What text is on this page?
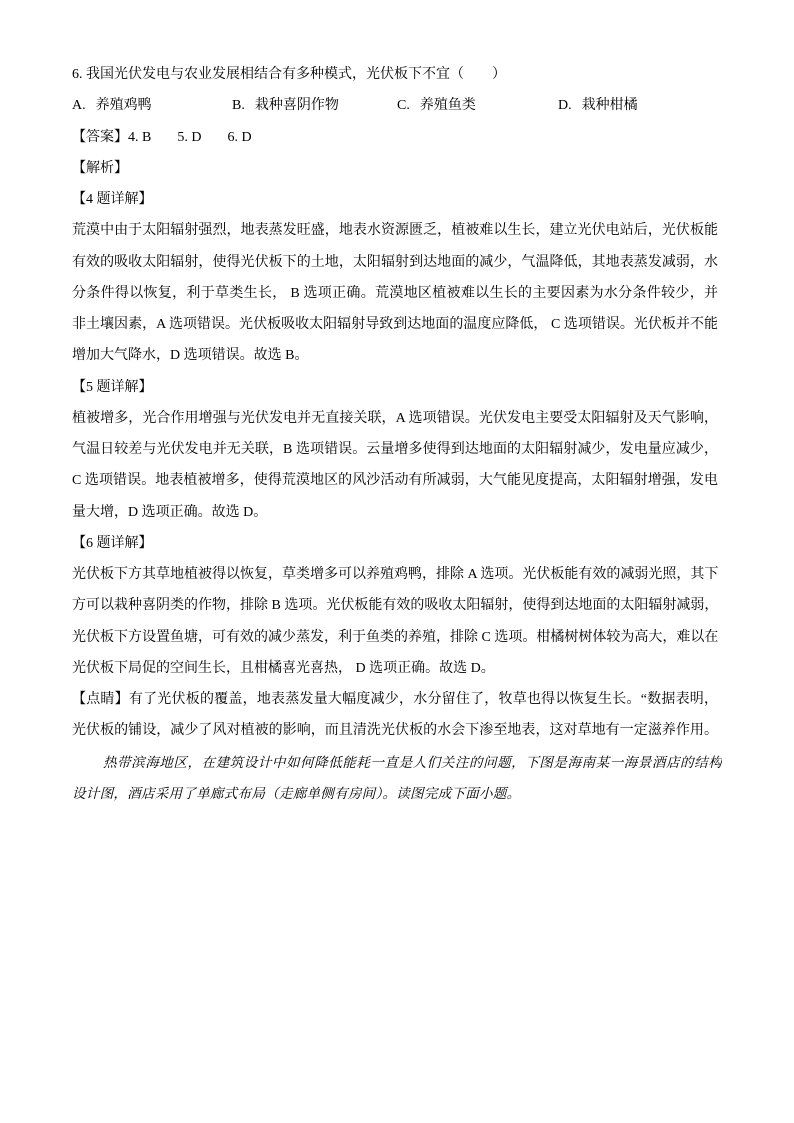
6. 我国光伏发电与农业发展相结合有多种模式，光伏板下不宜（　　）
A. 养殖鸡鸭	B. 栽种喜阴作物	C. 养殖鱼类	D. 栽种柑橘
【答案】4. B 5. D 6. D
【解析】
【4 题详解】
荒漠中由于太阳辐射强烈，地表蒸发旺盛，地表水资源匮乏，植被难以生长，建立光伏电站后，光伏板能
有效的吸收太阳辐射，使得光伏板下的土地，太阳辐射到达地面的减少，气温降低，其地表蒸发减弱，水
分条件得以恢复，利于草类生长， B 选项正确。荒漠地区植被难以生长的主要因素为水分条件较少，并
非土壤因素，A 选项错误。光伏板吸收太阳辐射导致到达地面的温度应降低， C 选项错误。光伏板并不能
增加大气降水，D 选项错误。故选 B。
【5 题详解】
植被增多，光合作用增强与光伏发电并无直接关联，A 选项错误。光伏发电主要受太阳辐射及天气影响，
气温日较差与光伏发电并无关联，B 选项错误。云量增多使得到达地面的太阳辐射减少，发电量应减少，
C 选项错误。地表植被增多，使得荒漠地区的风沙活动有所减弱，大气能见度提高，太阳辐射增强，发电
量大增，D 选项正确。故选 D。
【6 题详解】
光伏板下方其草地植被得以恢复，草类增多可以养殖鸡鸭，排除 A 选项。光伏板能有效的减弱光照，其下
方可以栽种喜阴类的作物，排除 B 选项。光伏板能有效的吸收太阳辐射，使得到达地面的太阳辐射减弱，
光伏板下方设置鱼塘，可有效的减少蒸发，利于鱼类的养殖，排除 C 选项。柑橘树树体较为高大，难以在
光伏板下局促的空间生长，且柑橘喜光喜热， D 选项正确。故选 D。
【点睛】有了光伏板的覆盖，地表蒸发量大幅度减少，水分留住了，牧草也得以恢复生长。“数据表明，
光伏板的铺设，减少了风对植被的影响，而且清洗光伏板的水会下渗至地表，这对草地有一定滋养作用。
热带滨海地区，在建筑设计中如何降低能耗一直是人们关注的问题，下图是海南某一海景酒店的结构
设计图，酒店采用了单廊式布局（走廊单侧有房间）。读图完成下面小题。
